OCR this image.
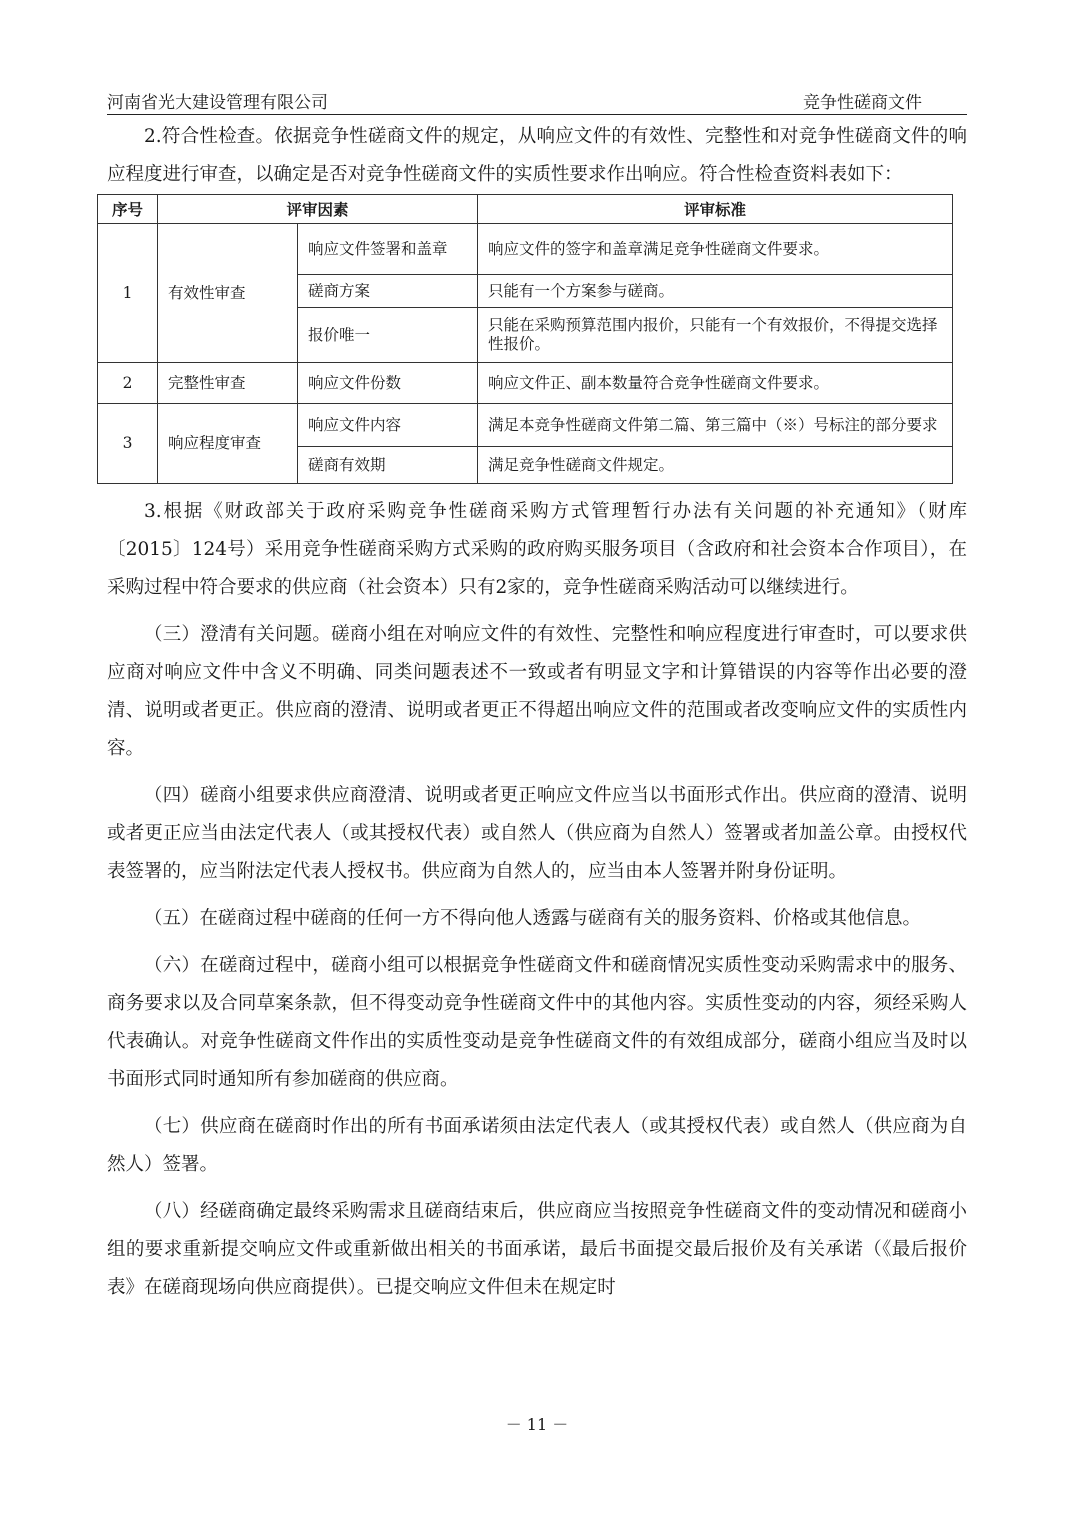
河南省光大建设管理有限公司	竞争性磋商文件

2.符合性检查。依据竞争性磋商文件的规定，从响应文件的有效性、完整性和对竞争性磋商文件的响应程度进行审查，以确定是否对竞争性磋商文件的实质性要求作出响应。符合性检查资料表如下：

序号	评审因素		评审标准
1	有效性审查	响应文件签署和盖章	响应文件的签字和盖章满足竞争性磋商文件要求。
		磋商方案	只能有一个方案参与磋商。
		报价唯一	只能在采购预算范围内报价，只能有一个有效报价，不得提交选择性报价。
2	完整性审查	响应文件份数	响应文件正、副本数量符合竞争性磋商文件要求。
3	响应程度审查	响应文件内容	满足本竞争性磋商文件第二篇、第三篇中（※）号标注的部分要求
		磋商有效期	满足竞争性磋商文件规定。

3.根据《财政部关于政府采购竞争性磋商采购方式管理暂行办法有关问题的补充通知》（财库〔2015〕124号）采用竞争性磋商采购方式采购的政府购买服务项目（含政府和社会资本合作项目），在采购过程中符合要求的供应商（社会资本）只有2家的，竞争性磋商采购活动可以继续进行。

（三）澄清有关问题。磋商小组在对响应文件的有效性、完整性和响应程度进行审查时，可以要求供应商对响应文件中含义不明确、同类问题表述不一致或者有明显文字和计算错误的内容等作出必要的澄清、说明或者更正。供应商的澄清、说明或者更正不得超出响应文件的范围或者改变响应文件的实质性内容。

（四）磋商小组要求供应商澄清、说明或者更正响应文件应当以书面形式作出。供应商的澄清、说明或者更正应当由法定代表人（或其授权代表）或自然人（供应商为自然人）签署或者加盖公章。由授权代表签署的，应当附法定代表人授权书。供应商为自然人的，应当由本人签署并附身份证明。

（五）在磋商过程中磋商的任何一方不得向他人透露与磋商有关的服务资料、价格或其他信息。

（六）在磋商过程中，磋商小组可以根据竞争性磋商文件和磋商情况实质性变动采购需求中的服务、商务要求以及合同草案条款，但不得变动竞争性磋商文件中的其他内容。实质性变动的内容，须经采购人代表确认。对竞争性磋商文件作出的实质性变动是竞争性磋商文件的有效组成部分，磋商小组应当及时以书面形式同时通知所有参加磋商的供应商。

（七）供应商在磋商时作出的所有书面承诺须由法定代表人（或其授权代表）或自然人（供应商为自然人）签署。

（八）经磋商确定最终采购需求且磋商结束后，供应商应当按照竞争性磋商文件的变动情况和磋商小组的要求重新提交响应文件或重新做出相关的书面承诺，最后书面提交最后报价及有关承诺（《最后报价表》在磋商现场向供应商提供）。已提交响应文件但未在规定时

－ 11 －
